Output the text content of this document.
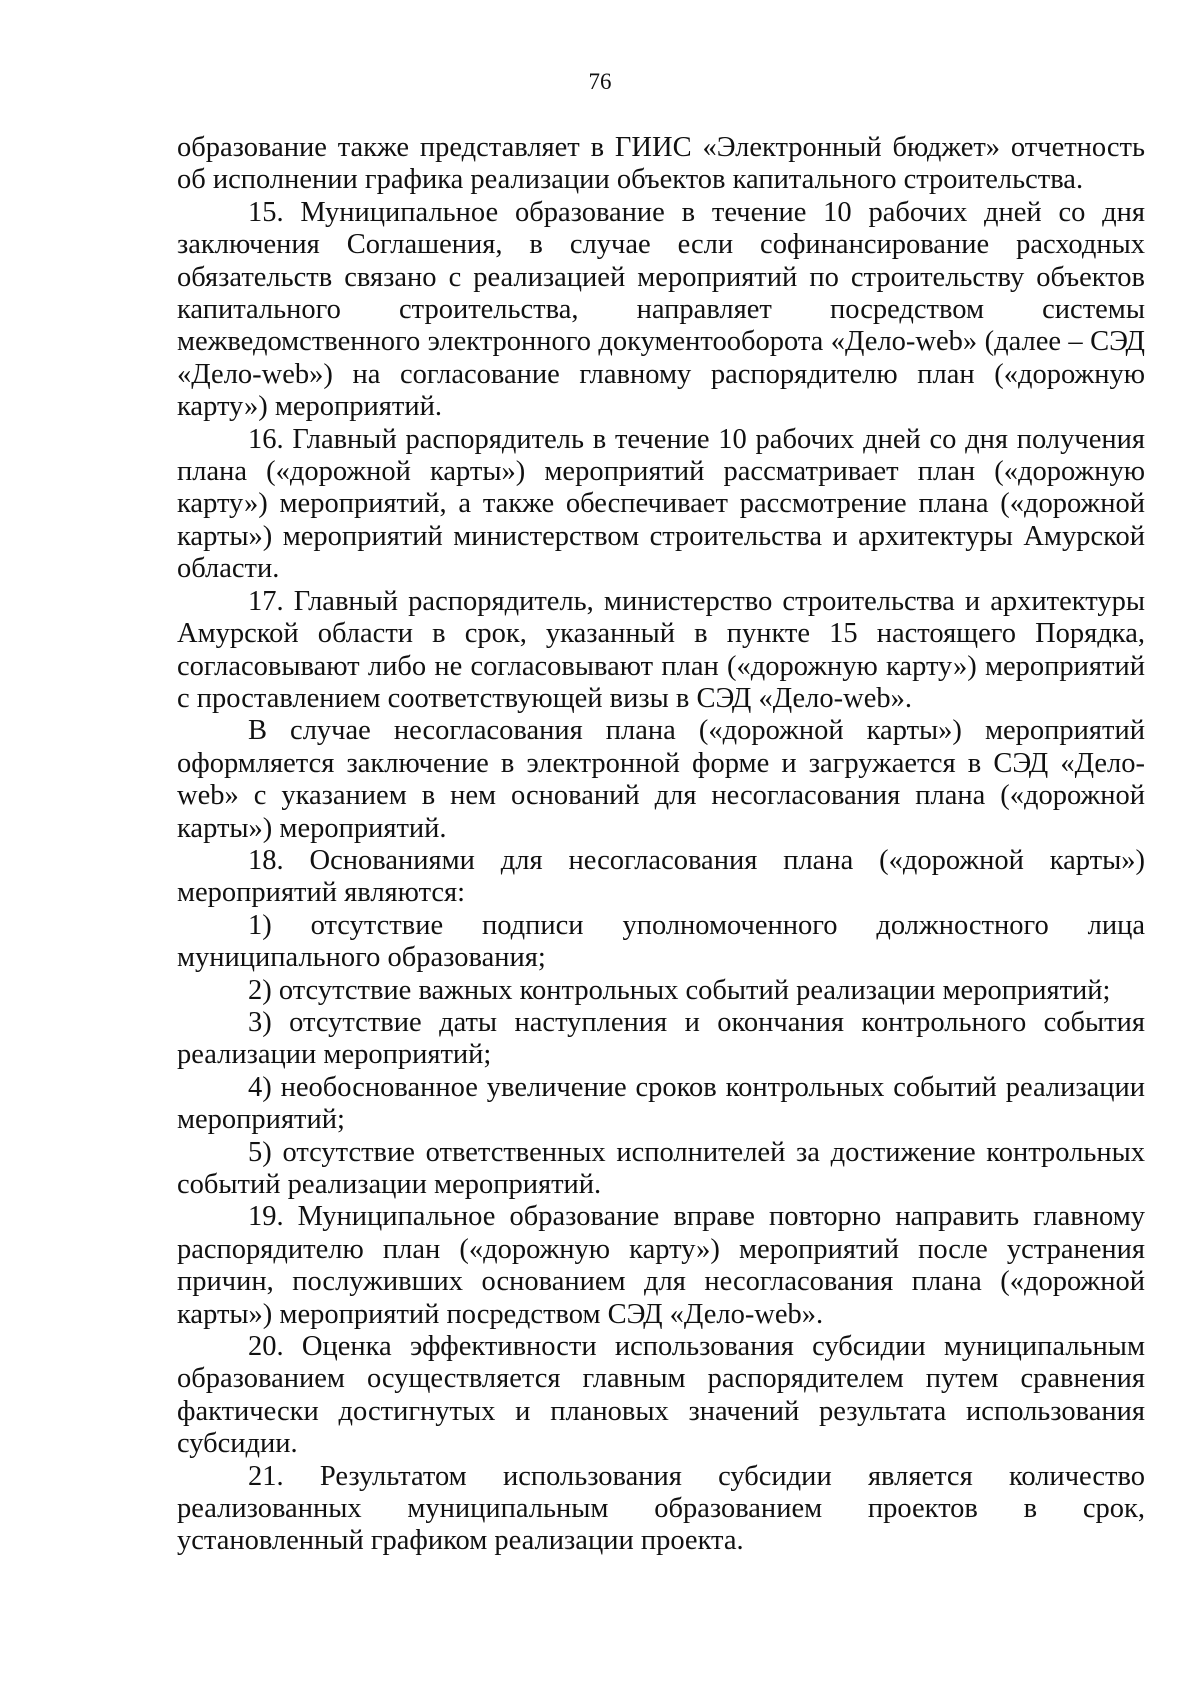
76

образование также представляет в ГИИС «Электронный бюджет» отчетность об исполнении графика реализации объектов капитального строительства.

15. Муниципальное образование в течение 10 рабочих дней со дня заключения Соглашения, в случае если софинансирование расходных обязательств связано с реализацией мероприятий по строительству объектов капитального строительства, направляет посредством системы межведомственного электронного документооборота «Дело-web» (далее – СЭД «Дело-web») на согласование главному распорядителю план («дорожную карту») мероприятий.

16. Главный распорядитель в течение 10 рабочих дней со дня получения плана («дорожной карты») мероприятий рассматривает план («дорожную карту») мероприятий, а также обеспечивает рассмотрение плана («дорожной карты») мероприятий министерством строительства и архитектуры Амурской области.

17. Главный распорядитель, министерство строительства и архитектуры Амурской области в срок, указанный в пункте 15 настоящего Порядка, согласовывают либо не согласовывают план («дорожную карту») мероприятий с проставлением соответствующей визы в СЭД «Дело-web».

В случае несогласования плана («дорожной карты») мероприятий оформляется заключение в электронной форме и загружается в СЭД «Дело-web» с указанием в нем оснований для несогласования плана («дорожной карты») мероприятий.

18. Основаниями для несогласования плана («дорожной карты») мероприятий являются:

1) отсутствие подписи уполномоченного должностного лица муниципального образования;

2) отсутствие важных контрольных событий реализации мероприятий;

3) отсутствие даты наступления и окончания контрольного события реализации мероприятий;

4) необоснованное увеличение сроков контрольных событий реализации мероприятий;

5) отсутствие ответственных исполнителей за достижение контрольных событий реализации мероприятий.

19. Муниципальное образование вправе повторно направить главному распорядителю план («дорожную карту») мероприятий после устранения причин, послуживших основанием для несогласования плана («дорожной карты») мероприятий посредством СЭД «Дело-web».

20. Оценка эффективности использования субсидии муниципальным образованием осуществляется главным распорядителем путем сравнения фактически достигнутых и плановых значений результата использования субсидии.

21. Результатом использования субсидии является количество реализованных муниципальным образованием проектов в срок, установленный графиком реализации проекта.
